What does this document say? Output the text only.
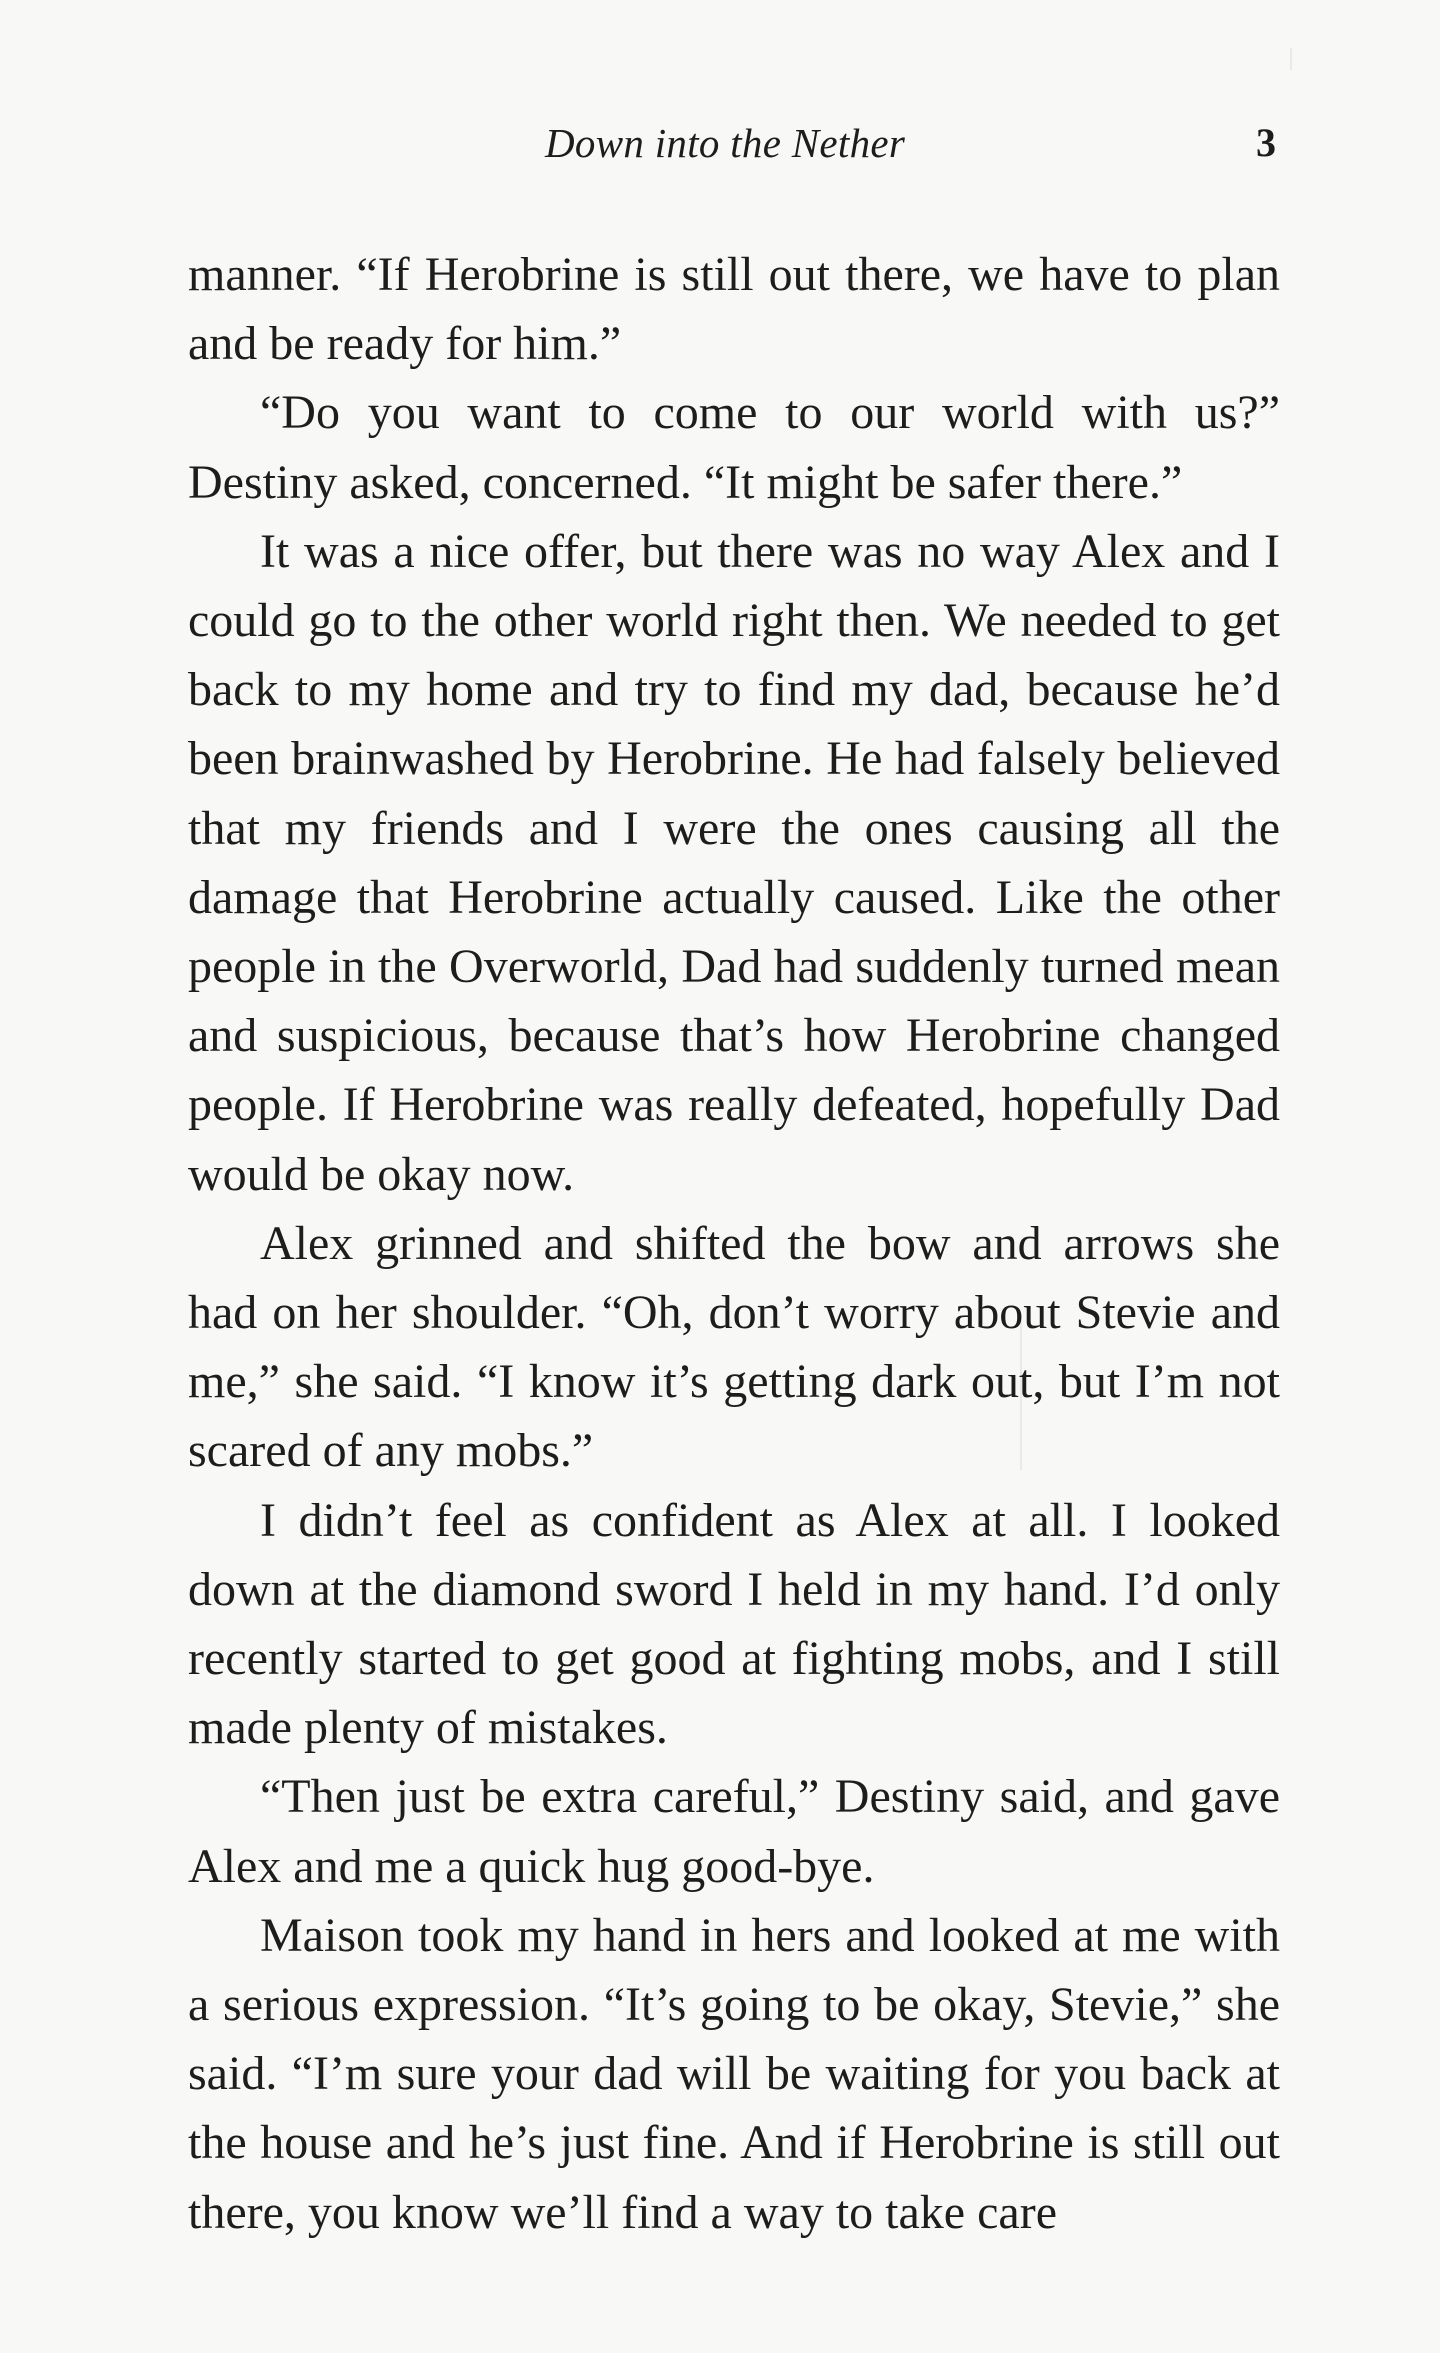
Down into the Nether	3

manner. “If Herobrine is still out there, we have to plan and be ready for him.”

“Do you want to come to our world with us?” Destiny asked, concerned. “It might be safer there.”

It was a nice offer, but there was no way Alex and I could go to the other world right then. We needed to get back to my home and try to find my dad, because he’d been brainwashed by Herobrine. He had falsely believed that my friends and I were the ones causing all the damage that Herobrine actually caused. Like the other people in the Overworld, Dad had suddenly turned mean and suspicious, because that’s how Herobrine changed people. If Herobrine was really defeated, hopefully Dad would be okay now.

Alex grinned and shifted the bow and arrows she had on her shoulder. “Oh, don’t worry about Stevie and me,” she said. “I know it’s getting dark out, but I’m not scared of any mobs.”

I didn’t feel as confident as Alex at all. I looked down at the diamond sword I held in my hand. I’d only recently started to get good at fighting mobs, and I still made plenty of mistakes.

“Then just be extra careful,” Destiny said, and gave Alex and me a quick hug good-bye.

Maison took my hand in hers and looked at me with a serious expression. “It’s going to be okay, Stevie,” she said. “I’m sure your dad will be waiting for you back at the house and he’s just fine. And if Herobrine is still out there, you know we’ll find a way to take care
